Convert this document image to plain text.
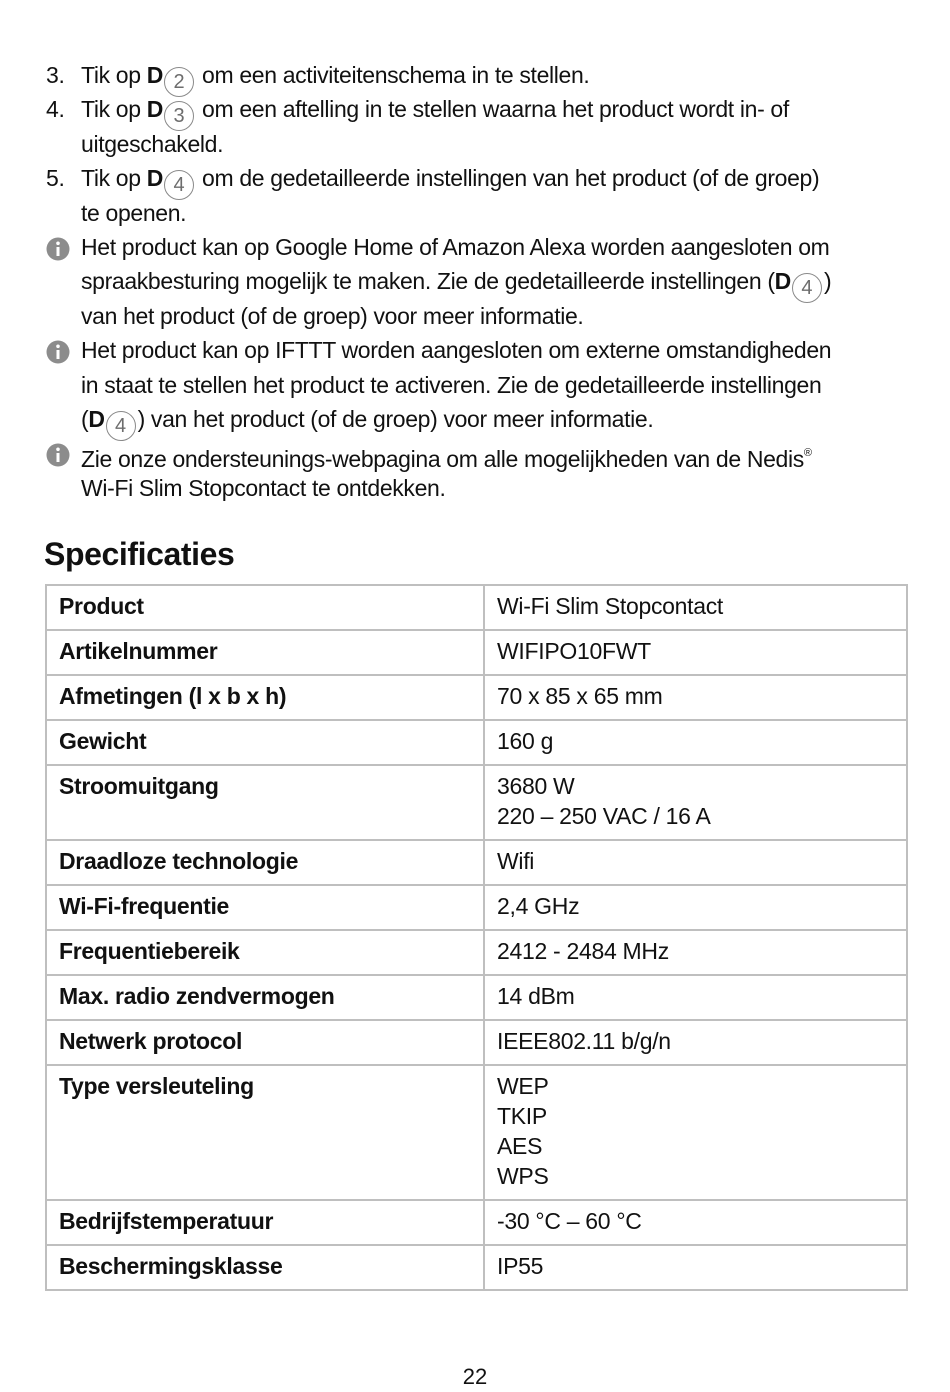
3. Tik op D 2 om een activiteitenschema in te stellen.
4. Tik op D 3 om een aftelling in te stellen waarna het product wordt in- of
uitgeschakeld.
5. Tik op D 4 om de gedetailleerde instellingen van het product (of de groep)
te openen.
Het product kan op Google Home of Amazon Alexa worden aangesloten om
spraakbesturing mogelijk te maken. Zie de gedetailleerde instellingen (D 4 )
van het product (of de groep) voor meer informatie.
Het product kan op IFTTT worden aangesloten om externe omstandigheden
in staat te stellen het product te activeren. Zie de gedetailleerde instellingen
(D 4 ) van het product (of de groep) voor meer informatie.
Zie onze ondersteunings-webpagina om alle mogelijkheden van de Nedis®
Wi-Fi Slim Stopcontact te ontdekken.
Specificaties
Product	Wi-Fi Slim Stopcontact

Artikelnummer	WIFIPO10FWT

Afmetingen (l x b x h)	70 x 85 x 65 mm

Gewicht	160 g

Stroomuitgang	3680 W
220 – 250 VAC / 16 A

Draadloze technologie	Wifi

Wi-Fi-frequentie	2,4 GHz

Frequentiebereik	2412 - 2484 MHz

Max. radio zendvermogen	14 dBm

Netwerk protocol	IEEE802.11 b/g/n

Type versleuteling	WEP
TKIP
AES
WPS

Bedrijfstemperatuur	-30 °C – 60 °C

Beschermingsklasse	IP55
22
